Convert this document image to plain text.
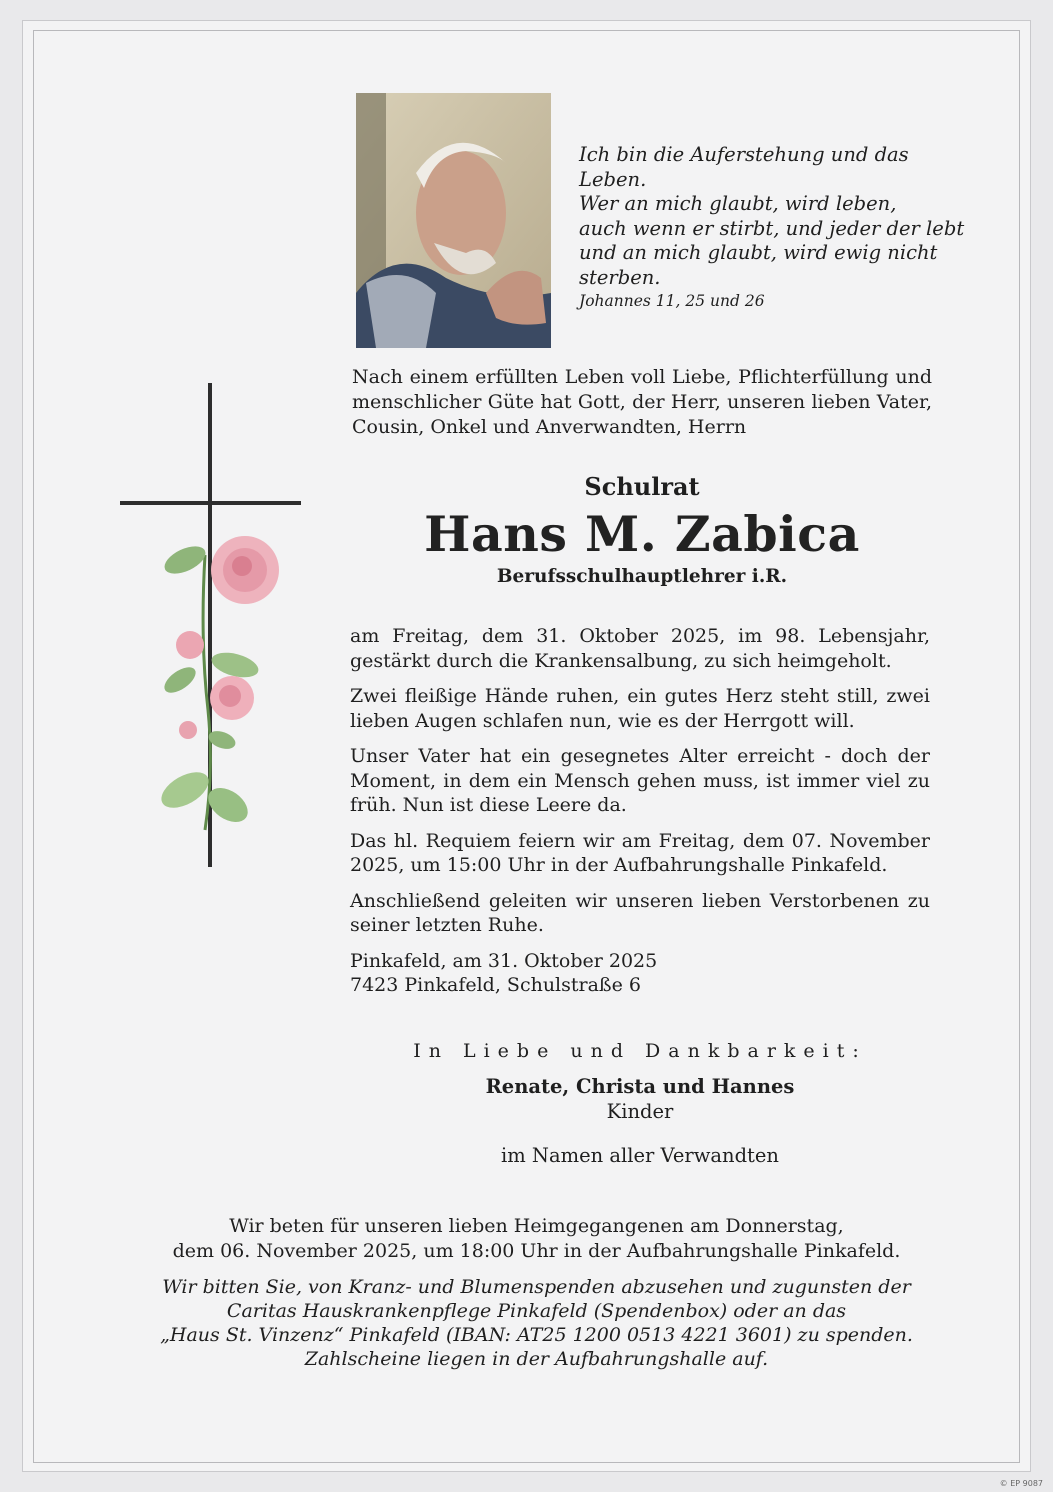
Ich bin die Auferstehung und das Leben.
Wer an mich glaubt, wird leben,
auch wenn er stirbt, und jeder der lebt
und an mich glaubt, wird ewig nicht
sterben.
Johannes 11, 25 und 26
Nach einem erfüllten Leben voll Liebe, Pflichterfüllung und menschlicher Güte hat Gott, der Herr, unseren lieben Vater, Cousin, Onkel und Anverwandten, Herrn
Schulrat
Hans M. Zabica
Berufsschulhauptlehrer i.R.

am Freitag, dem 31. Oktober 2025, im 98. Lebensjahr, gestärkt durch die Krankensalbung, zu sich heimgeholt.

Zwei fleißige Hände ruhen, ein gutes Herz steht still, zwei lieben Augen schlafen nun, wie es der Herrgott will.

Unser Vater hat ein gesegnetes Alter erreicht - doch der Moment, in dem ein Mensch gehen muss, ist immer viel zu früh. Nun ist diese Leere da.

Das hl. Requiem feiern wir am Freitag, dem 07. November 2025, um 15:00 Uhr in der Aufbahrungshalle Pinkafeld.

Anschließend geleiten wir unseren lieben Verstorbenen zu seiner letzten Ruhe.

Pinkafeld, am 31. Oktober 2025
7423 Pinkafeld, Schulstraße 6
In Liebe und Dankbarkeit:
Renate, Christa und Hannes
Kinder
im Namen aller Verwandten
Wir beten für unseren lieben Heimgegangenen am Donnerstag,
dem 06. November 2025, um 18:00 Uhr in der Aufbahrungshalle Pinkafeld.
Wir bitten Sie, von Kranz- und Blumenspenden abzusehen und zugunsten der
Caritas Hauskrankenpflege Pinkafeld (Spendenbox) oder an das
„Haus St. Vinzenz“ Pinkafeld (IBAN: AT25 1200 0513 4221 3601) zu spenden.
Zahlscheine liegen in der Aufbahrungshalle auf.
© EP 9087
